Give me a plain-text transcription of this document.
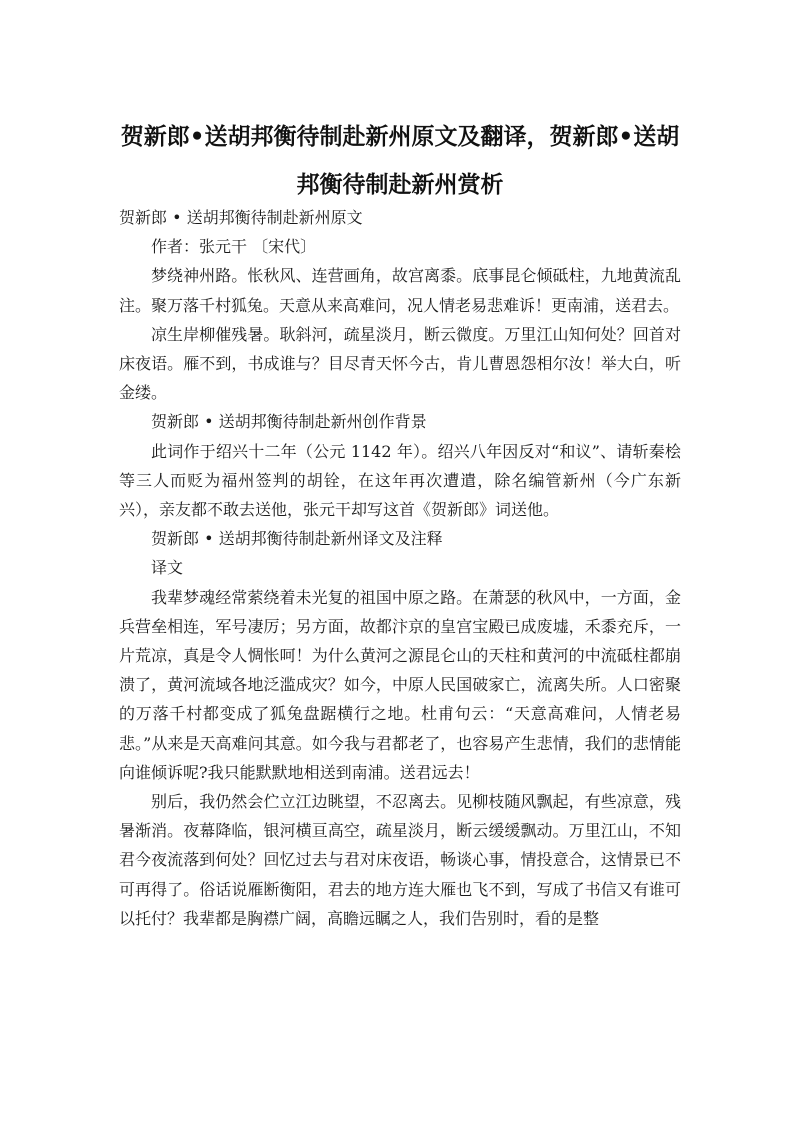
贺新郎•送胡邦衡待制赴新州原文及翻译，贺新郎•送胡邦衡待制赴新州赏析

贺新郎 • 送胡邦衡待制赴新州原文

作者：张元干 〔宋代〕

梦绕神州路。怅秋风、连营画角，故宫离黍。底事昆仑倾砥柱，九地黄流乱注。聚万落千村狐兔。天意从来高难问，况人情老易悲难诉！更南浦，送君去。

凉生岸柳催残暑。耿斜河，疏星淡月，断云微度。万里江山知何处？回首对床夜语。雁不到，书成谁与？目尽青天怀今古，肯儿曹恩怨相尔汝！举大白，听金缕。

贺新郎 • 送胡邦衡待制赴新州创作背景

此词作于绍兴十二年（公元 1142 年）。绍兴八年因反对“和议”、请斩秦桧等三人而贬为福州签判的胡铨，在这年再次遭遣，除名编管新州（今广东新兴），亲友都不敢去送他，张元干却写这首《贺新郎》词送他。

贺新郎 • 送胡邦衡待制赴新州译文及注释

译文

我辈梦魂经常萦绕着未光复的祖国中原之路。在萧瑟的秋风中，一方面，金兵营垒相连，军号凄厉；另方面，故都汴京的皇宫宝殿已成废墟，禾黍充斥，一片荒凉，真是令人惆怅呵！为什么黄河之源昆仑山的天柱和黄河的中流砥柱都崩溃了，黄河流域各地泛滥成灾？如今，中原人民国破家亡，流离失所。人口密聚的万落千村都变成了狐兔盘踞横行之地。杜甫句云：“天意高难问，人情老易悲。”从来是天高难问其意。如今我与君都老了，也容易产生悲情，我们的悲情能向谁倾诉呢?我只能默默地相送到南浦。送君远去！

别后，我仍然会伫立江边眺望，不忍离去。见柳枝随风飘起，有些凉意，残暑渐消。夜幕降临，银河横亘高空，疏星淡月，断云缓缓飘动。万里江山，不知君今夜流落到何处？回忆过去与君对床夜语，畅谈心事，情投意合，这情景已不可再得了。俗话说雁断衡阳，君去的地方连大雁也飞不到，写成了书信又有谁可以托付？我辈都是胸襟广阔，高瞻远瞩之人，我们告别时，看的是整
